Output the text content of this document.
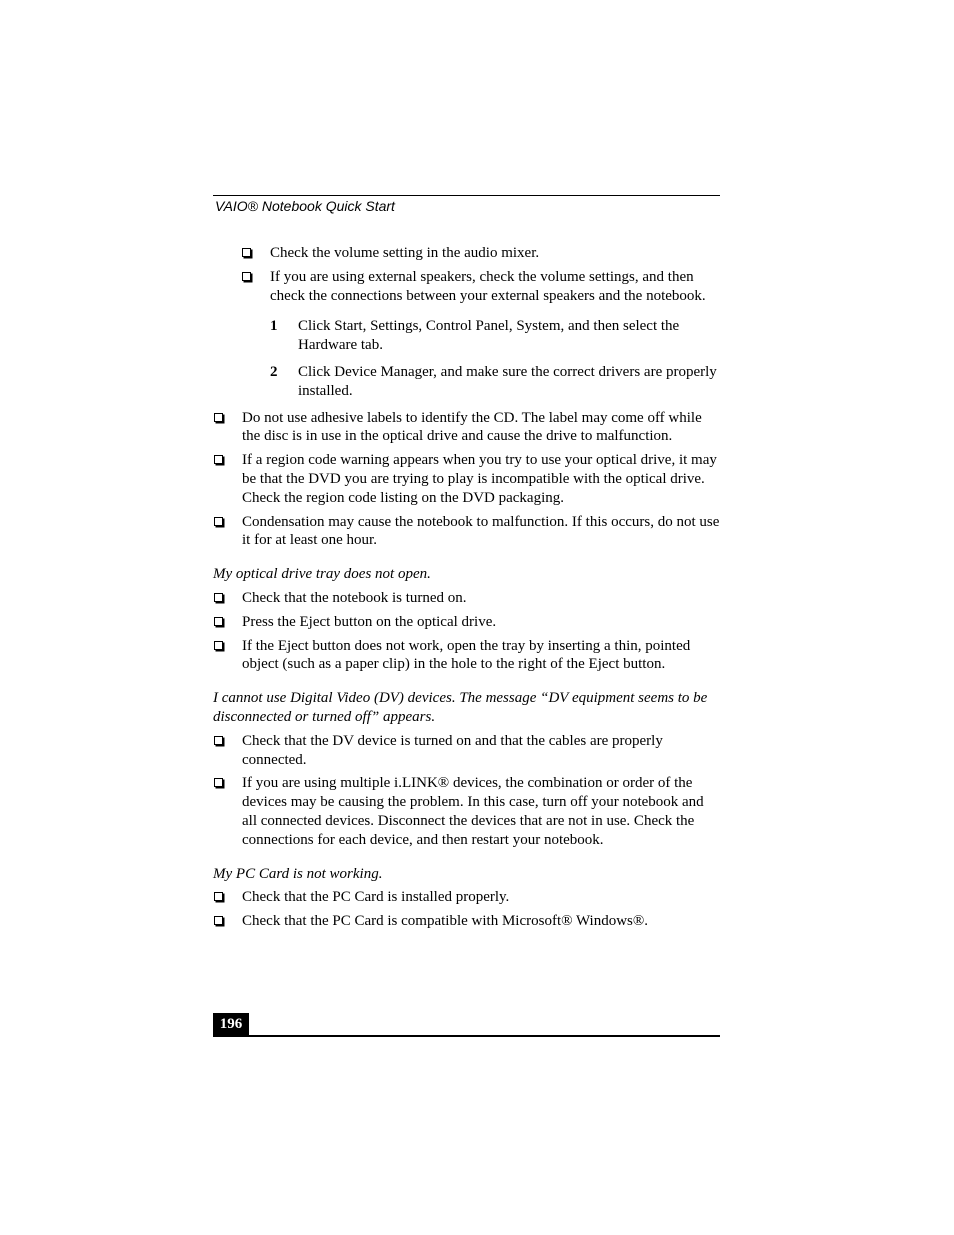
VAIO® Notebook Quick Start
Check the volume setting in the audio mixer.
If you are using external speakers, check the volume settings, and then check the connections between your external speakers and the notebook.
1 Click Start, Settings, Control Panel, System, and then select the Hardware tab.
2 Click Device Manager, and make sure the correct drivers are properly installed.
Do not use adhesive labels to identify the CD. The label may come off while the disc is in use in the optical drive and cause the drive to malfunction.
If a region code warning appears when you try to use your optical drive, it may be that the DVD you are trying to play is incompatible with the optical drive. Check the region code listing on the DVD packaging.
Condensation may cause the notebook to malfunction. If this occurs, do not use it for at least one hour.
My optical drive tray does not open.
Check that the notebook is turned on.
Press the Eject button on the optical drive.
If the Eject button does not work, open the tray by inserting a thin, pointed object (such as a paper clip) in the hole to the right of the Eject button.
I cannot use Digital Video (DV) devices. The message “DV equipment seems to be disconnected or turned off” appears.
Check that the DV device is turned on and that the cables are properly connected.
If you are using multiple i.LINK® devices, the combination or order of the devices may be causing the problem. In this case, turn off your notebook and all connected devices. Disconnect the devices that are not in use. Check the connections for each device, and then restart your notebook.
My PC Card is not working.
Check that the PC Card is installed properly.
Check that the PC Card is compatible with Microsoft® Windows®.
196
